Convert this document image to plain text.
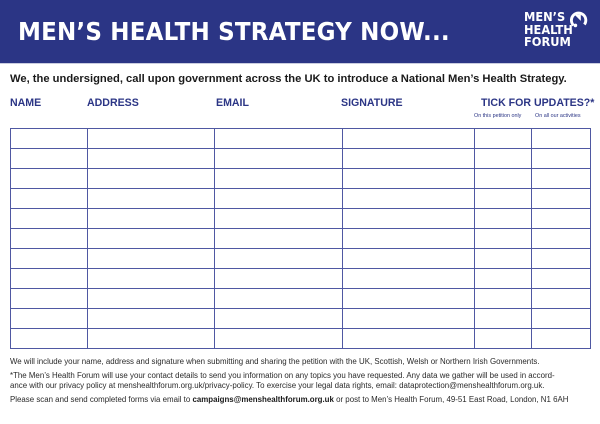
MEN’S HEALTH STRATEGY NOW...	MEN’S
HEALTH
FORUM
We, the undersigned, call upon government across the UK to introduce a National Men’s Health Strategy.
NAME	ADDRESS	EMAIL	SIGNATURE	TICK FOR UPDATES?*
On this petition only	On all our activities

We will include your name, address and signature when submitting and sharing the petition with the UK, Scottish, Welsh or Northern Irish Governments.
*The Men’s Health Forum will use your contact details to send you information on any topics you have requested. Any data we gather will be used in accord-
ance with our privacy policy at menshealthforum.org.uk/privacy-policy. To exercise your legal data rights, email: dataprotection@menshealthforum.org.uk.
Please scan and send completed forms via email to campaigns@menshealthforum.org.uk or post to Men’s Health Forum, 49-51 East Road, London, N1 6AH
